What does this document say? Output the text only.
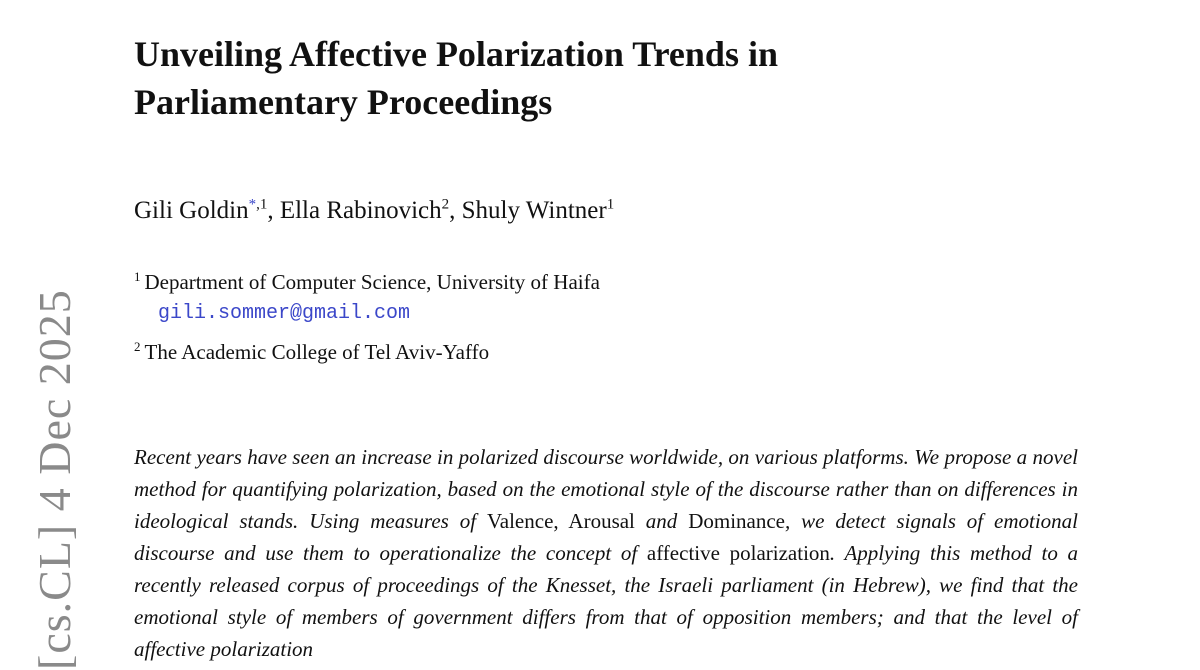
[cs.CL] 4 Dec 2025
Unveiling Affective Polarization Trends in
Parliamentary Proceedings
Gili Goldin$^{*,1}$, Ella Rabinovich$^2$, Shuly Wintner$^1$
$^1$ Department of Computer Science, University of Haifa
gili.sommer@gmail.com
$^2$ The Academic College of Tel Aviv-Yaffo

Recent years have seen an increase in polarized discourse worldwide, on various platforms. We propose a novel method for quantifying polarization, based on the emotional style of the discourse rather than on differences in ideological stands. Using measures of Valence, Arousal and Dominance, we detect signals of emotional discourse and use them to operationalize the concept of affective polarization. Applying this method to a recently released corpus of proceedings of the Knesset, the Israeli parliament (in Hebrew), we find that the emotional style of members of government differs from that of opposition members; and that the level of affective polarization
